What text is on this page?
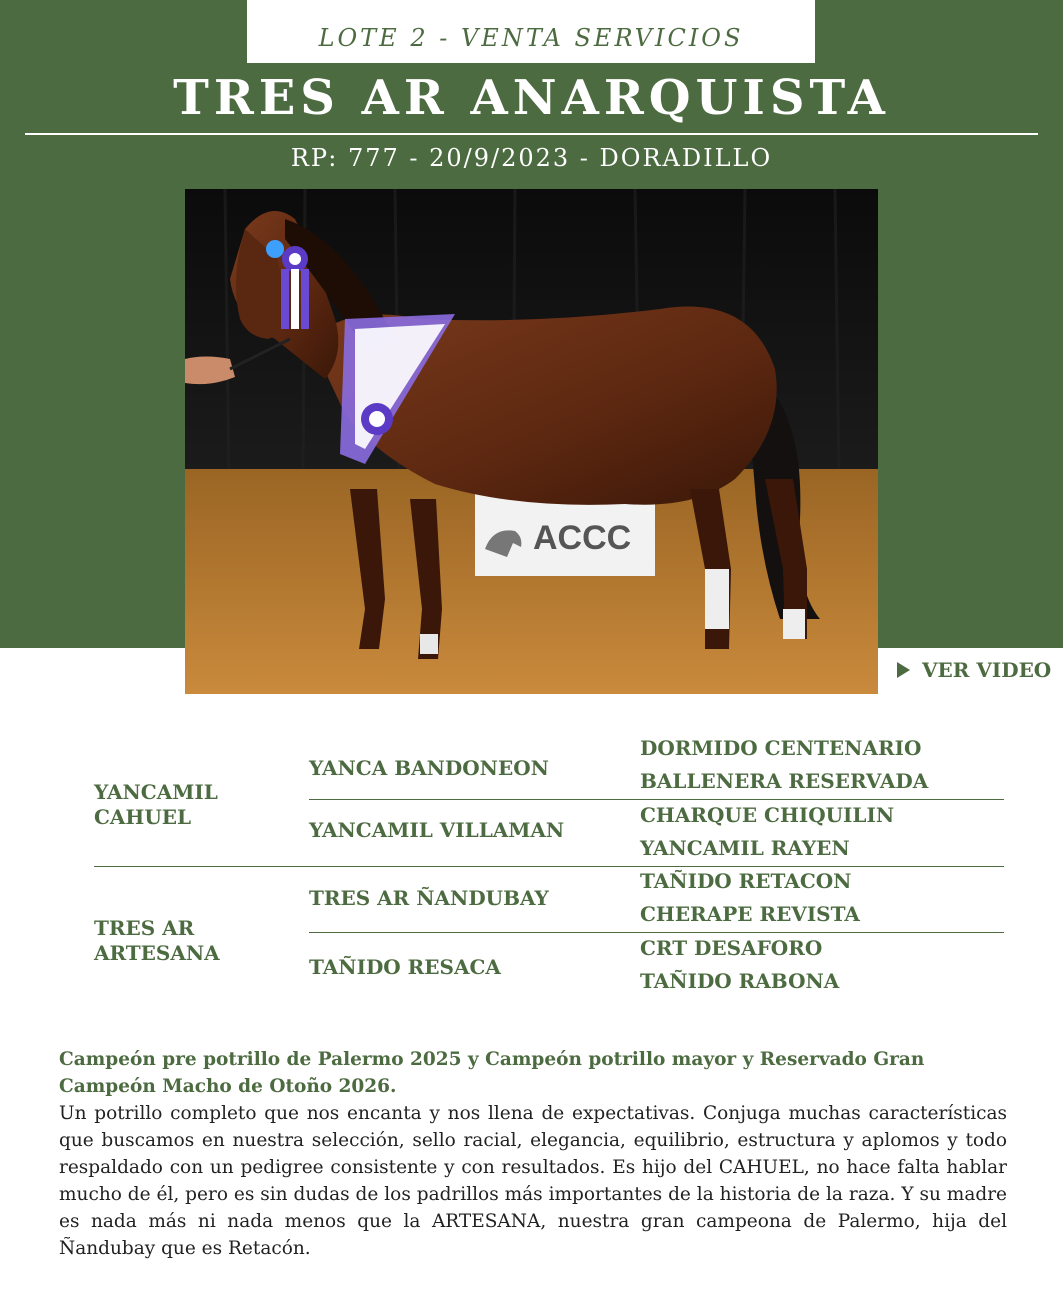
LOTE 2 - VENTA SERVICIOS
TRES AR ANARQUISTA
RP: 777 - 20/9/2023 - DORADILLO
ACCC
VER VIDEO
YANCAMIL
CAHUEL
TRES AR
ARTESANA
YANCA BANDONEON
YANCAMIL VILLAMAN
TRES AR ÑANDUBAY
TAÑIDO RESACA
DORMIDO CENTENARIO
BALLENERA RESERVADA
CHARQUE CHIQUILIN
YANCAMIL RAYEN
TAÑIDO RETACON
CHERAPE REVISTA
CRT DESAFORO
TAÑIDO RABONA

Campeón pre potrillo de Palermo 2025 y Campeón potrillo mayor y Reservado Gran Campeón Macho de Otoño 2026.

Un potrillo completo que nos encanta y nos llena de expectativas. Conjuga muchas características que buscamos en nuestra selección, sello racial, elegancia, equilibrio, estructura y aplomos y todo respaldado con un pedigree consistente y con resultados. Es hijo del CAHUEL, no hace falta hablar mucho de él, pero es sin dudas de los padrillos más importantes de la historia de la raza. Y su madre es nada más ni nada menos que la ARTESANA, nuestra gran campeona de Palermo, hija del Ñandubay que es Retacón.
